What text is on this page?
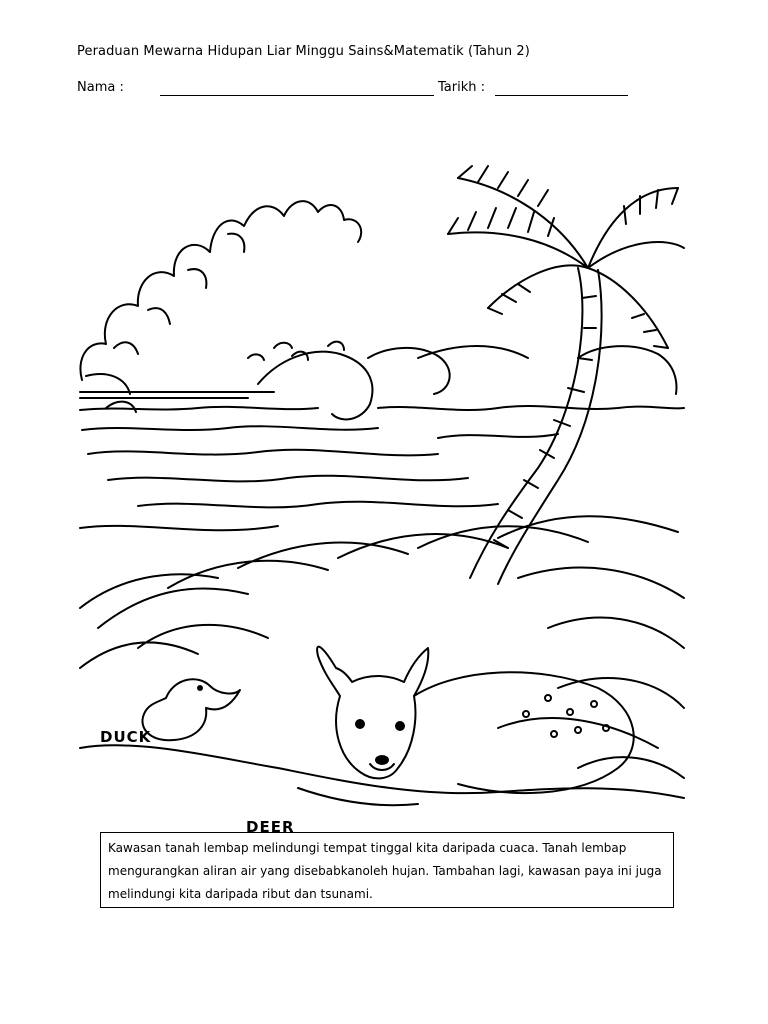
Peraduan Mewarna Hidupan Liar Minggu Sains&Matematik (Tahun 2)
Nama :	Tarikh :
DUCK
DEER
Kawasan tanah lembap melindungi tempat tinggal kita daripada cuaca. Tanah lembap mengurangkan aliran air yang disebabkanoleh hujan. Tambahan lagi, kawasan paya ini juga melindungi kita daripada ribut dan tsunami.
